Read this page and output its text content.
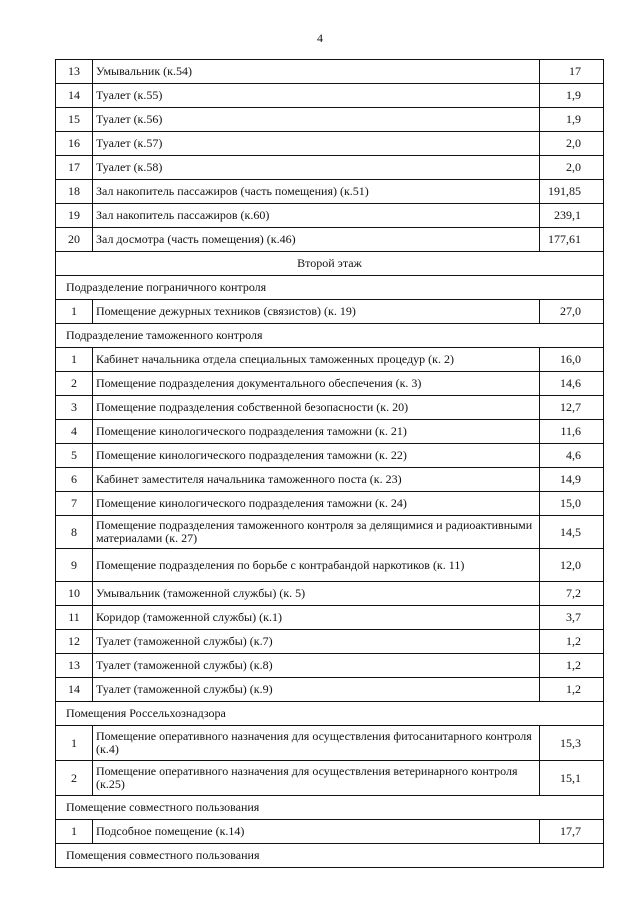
4
13	Умывальник (к.54)	17
14	Туалет (к.55)	1,9
15	Туалет (к.56)	1,9
16	Туалет (к.57)	2,0
17	Туалет (к.58)	2,0
18	Зал накопитель пассажиров (часть помещения) (к.51)	191,85
19	Зал накопитель пассажиров (к.60)	239,1
20	Зал досмотра (часть помещения) (к.46)	177,61
Второй этаж		
Подразделение пограничного контроля		
1	Помещение дежурных техников (связистов) (к. 19)	27,0
Подразделение таможенного контроля		
1	Кабинет начальника отдела специальных таможенных процедур (к. 2)	16,0
2	Помещение подразделения документального обеспечения (к. 3)	14,6
3	Помещение подразделения собственной безопасности (к. 20)	12,7
4	Помещение кинологического подразделения таможни (к. 21)	11,6
5	Помещение кинологического подразделения таможни (к. 22)	4,6
6	Кабинет заместителя начальника таможенного поста (к. 23)	14,9
7	Помещение кинологического подразделения таможни (к. 24)	15,0
8	Помещение подразделения таможенного контроля за делящимися и радиоактивными материалами (к. 27)	14,5
9	Помещение подразделения по борьбе с контрабандой наркотиков (к. 11)	12,0
10	Умывальник (таможенной службы) (к. 5)	7,2
11	Коридор (таможенной службы) (к.1)	3,7
12	Туалет (таможенной службы) (к.7)	1,2
13	Туалет (таможенной службы) (к.8)	1,2
14	Туалет (таможенной службы) (к.9)	1,2
Помещения Россельхознадзора		
1	Помещение оперативного назначения для осуществления фитосанитарного контроля (к.4)	15,3
2	Помещение оперативного назначения для осуществления ветеринарного контроля (к.25)	15,1
Помещение совместного пользования		
1	Подсобное помещение (к.14)	17,7
Помещения совместного пользования		
